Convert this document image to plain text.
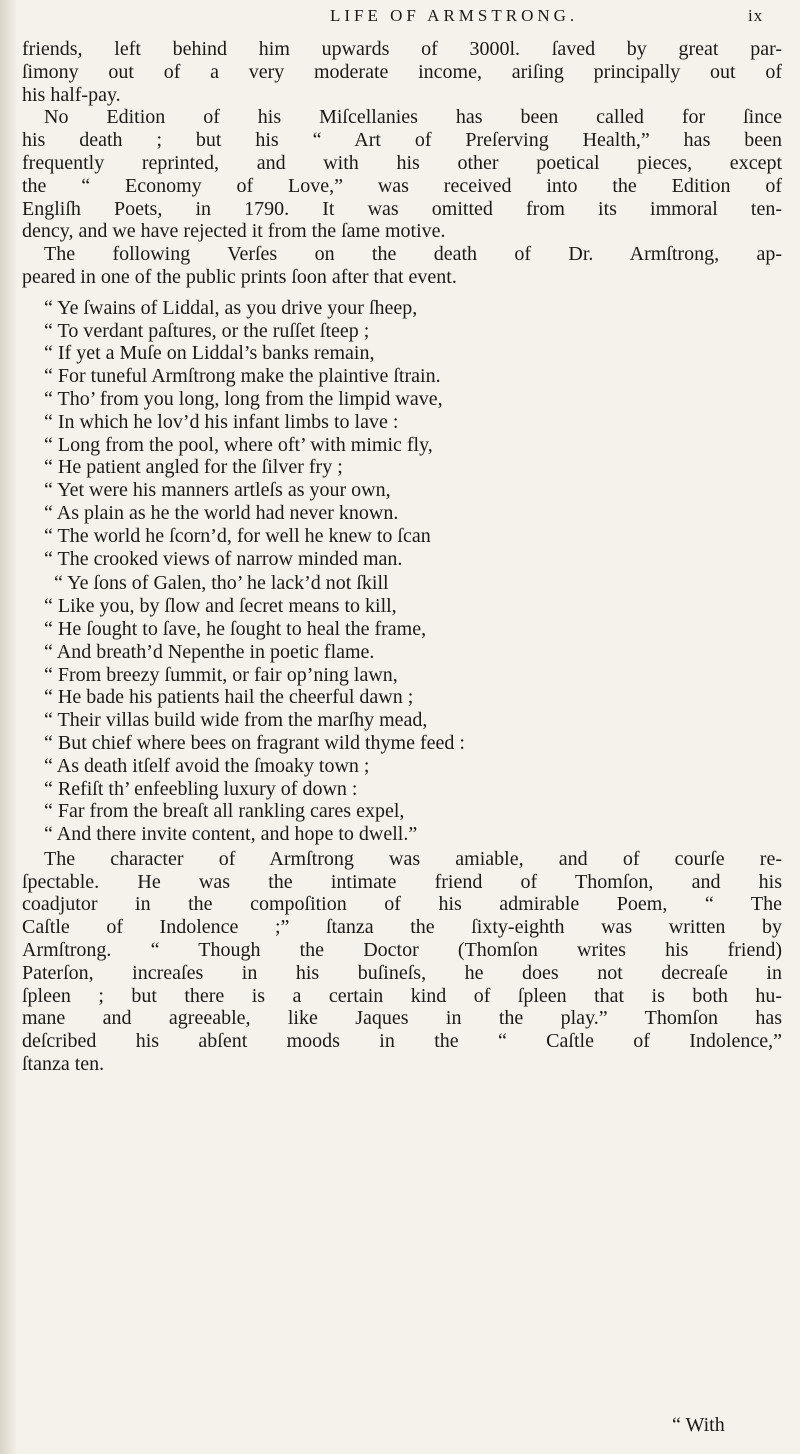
LIFE OF ARMSTRONG.	ix
friends, left behind him upwards of 3000l. ſaved by great par-
ſimony out of a very moderate income, ariſing principally out of
his half-pay.
No Edition of his Miſcellanies has been called for ſince
his death ; but his “ Art of Preſerving Health,” has been
frequently reprinted, and with his other poetical pieces, except
the “ Economy of Love,” was received into the Edition of
Engliſh Poets, in 1790. It was omitted from its immoral ten-
dency, and we have rejected it from the ſame motive.
The following Verſes on the death of Dr. Armſtrong, ap-
peared in one of the public prints ſoon after that event.
“ Ye ſwains of Liddal, as you drive your ſheep,
“ To verdant paſtures, or the ruſſet ſteep ;
“ If yet a Muſe on Liddal’s banks remain,
“ For tuneful Armſtrong make the plaintive ſtrain.
“ Tho’ from you long, long from the limpid wave,
“ In which he lov’d his infant limbs to lave :
“ Long from the pool, where oft’ with mimic fly,
“ He patient angled for the ſilver fry ;
“ Yet were his manners artleſs as your own,
“ As plain as he the world had never known.
“ The world he ſcorn’d, for well he knew to ſcan
“ The crooked views of narrow minded man.
“ Ye ſons of Galen, tho’ he lack’d not ſkill
“ Like you, by ſlow and ſecret means to kill,
“ He ſought to ſave, he ſought to heal the frame,
“ And breath’d Nepenthe in poetic flame.
“ From breezy ſummit, or fair op’ning lawn,
“ He bade his patients hail the cheerful dawn ;
“ Their villas build wide from the marſhy mead,
“ But chief where bees on fragrant wild thyme feed :
“ As death itſelf avoid the ſmoaky town ;
“ Refiſt th’ enfeebling luxury of down :
“ Far from the breaſt all rankling cares expel,
“ And there invite content, and hope to dwell.”
The character of Armſtrong was amiable, and of courſe re-
ſpectable. He was the intimate friend of Thomſon, and his
coadjutor in the compoſition of his admirable Poem, “ The
Caſtle of Indolence ;” ſtanza the ſixty-eighth was written by
Armſtrong. “ Though the Doctor (Thomſon writes his friend)
Paterſon, increaſes in his buſineſs, he does not decreaſe in
ſpleen ; but there is a certain kind of ſpleen that is both hu-
mane and agreeable, like Jaques in the play.” Thomſon has
deſcribed his abſent moods in the “ Caſtle of Indolence,”
ſtanza ten.
“ With
